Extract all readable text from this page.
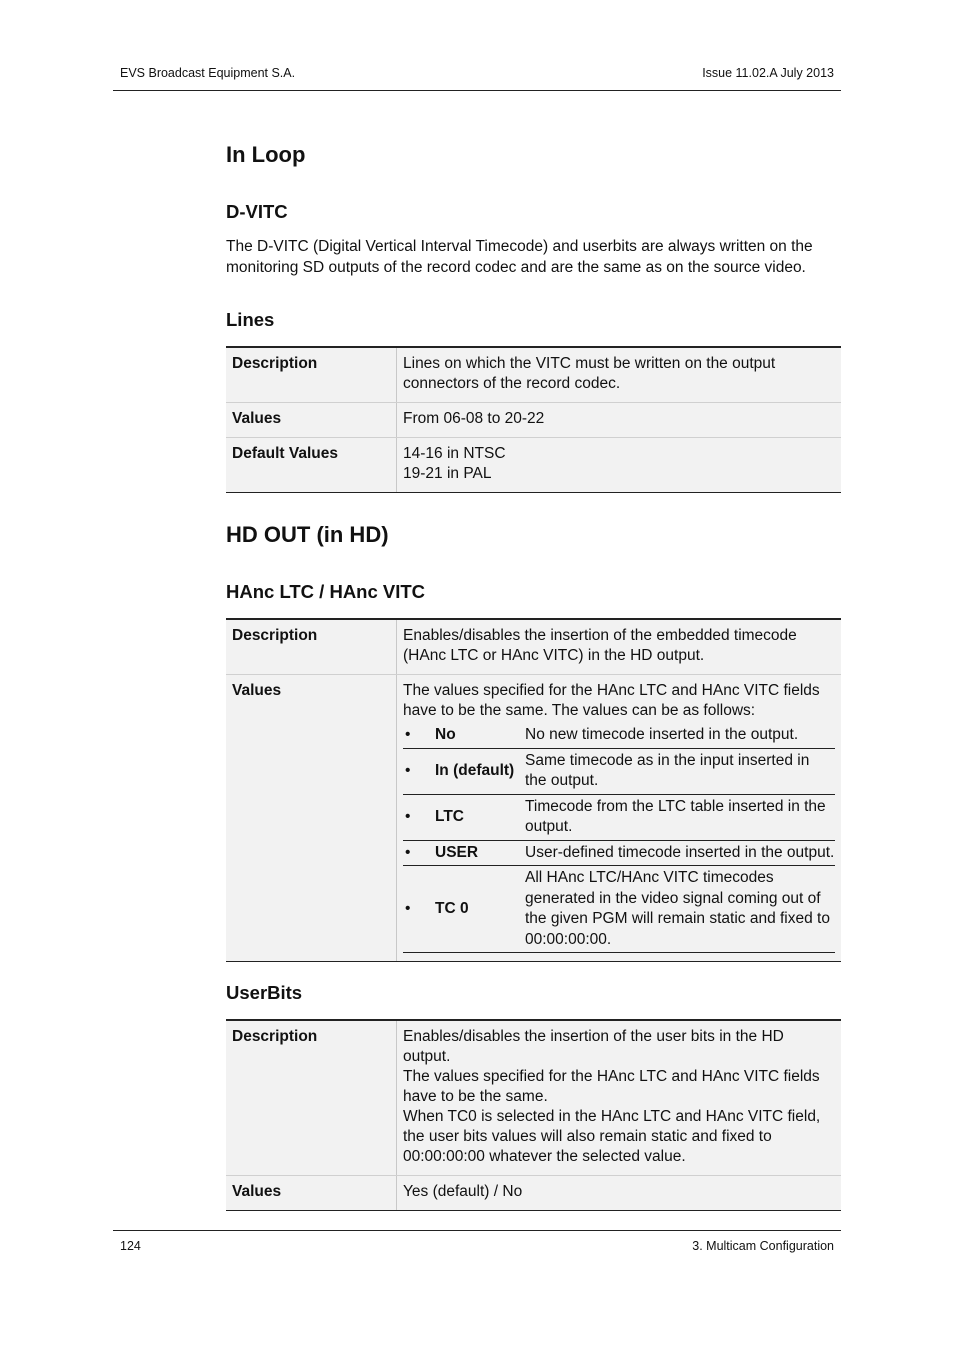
EVS Broadcast Equipment S.A.	Issue 11.02.A July 2013
In Loop
D-VITC

The D-VITC (Digital Vertical Interval Timecode) and userbits are always written on the monitoring SD outputs of the record codec and are the same as on the source video.

Lines
Description	Lines on which the VITC must be written on the output connectors of the record codec.

Values	From 06-08 to 20-22

Default Values	14-16 in NTSC
19-21 in PAL
HD OUT (in HD)
HAnc LTC / HAnc VITC
Description	Enables/disables the insertion of the embedded timecode (HAnc LTC or HAnc VITC) in the HD output.
Values	The values specified for the HAnc LTC and HAnc VITC fields have to be the same. The values can be as follows:
•	No	No new timecode inserted in the output.
•	In (default)	Same timecode as in the input inserted in the output.
•	LTC	Timecode from the LTC table inserted in the output.
•	USER	User-defined timecode inserted in the output.
•	TC 0	All HAnc LTC/HAnc VITC timecodes generated in the video signal coming out of the given PGM will remain static and fixed to 00:00:00:00.
UserBits
Description	Enables/disables the insertion of the user bits in the HD output.
The values specified for the HAnc LTC and HAnc VITC fields have to be the same.
When TC0 is selected in the HAnc LTC and HAnc VITC field, the user bits values will also remain static and fixed to 00:00:00:00 whatever the selected value.

Values	Yes (default) / No
124	3. Multicam Configuration
